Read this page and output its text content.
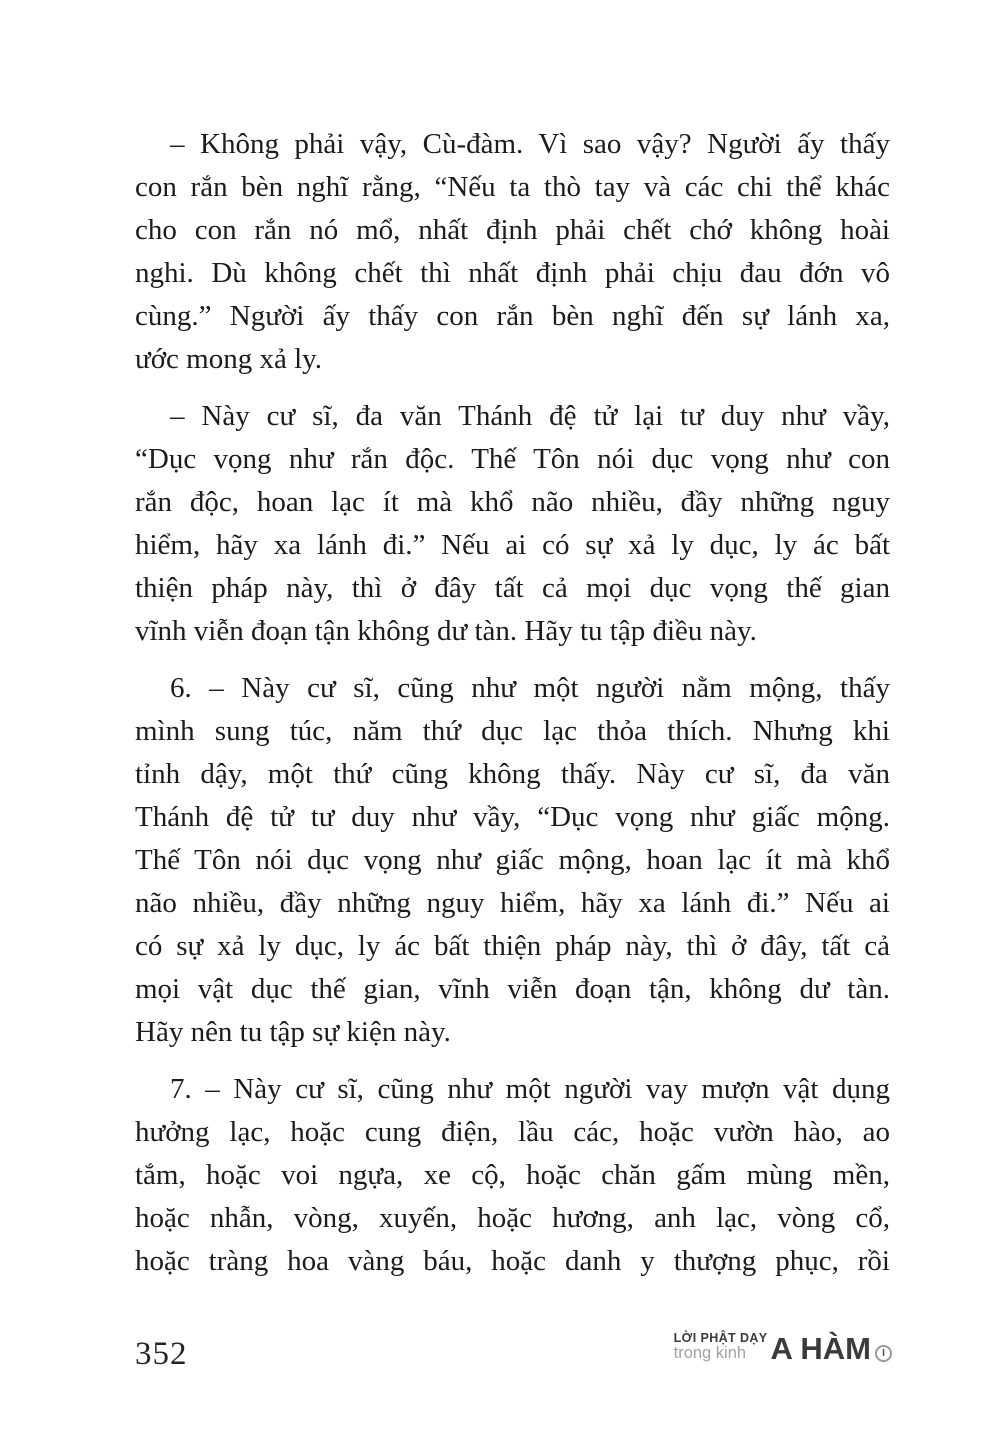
– Không phải vậy, Cù-đàm. Vì sao vậy? Người ấy thấy
con rắn bèn nghĩ rằng, “Nếu ta thò tay và các chi thể khác
cho con rắn nó mổ, nhất định phải chết chớ không hoài
nghi. Dù không chết thì nhất định phải chịu đau đớn vô
cùng.” Người ấy thấy con rắn bèn nghĩ đến sự lánh xa,
ước mong xả ly.
– Này cư sĩ, đa văn Thánh đệ tử lại tư duy như vầy,
“Dục vọng như rắn độc. Thế Tôn nói dục vọng như con
rắn độc, hoan lạc ít mà khổ não nhiều, đầy những nguy
hiểm, hãy xa lánh đi.” Nếu ai có sự xả ly dục, ly ác bất
thiện pháp này, thì ở đây tất cả mọi dục vọng thế gian
vĩnh viễn đoạn tận không dư tàn. Hãy tu tập điều này.
6. – Này cư sĩ, cũng như một người nằm mộng, thấy
mình sung túc, năm thứ dục lạc thỏa thích. Nhưng khi
tỉnh dậy, một thứ cũng không thấy. Này cư sĩ, đa văn
Thánh đệ tử tư duy như vầy, “Dục vọng như giấc mộng.
Thế Tôn nói dục vọng như giấc mộng, hoan lạc ít mà khổ
não nhiều, đầy những nguy hiểm, hãy xa lánh đi.” Nếu ai
có sự xả ly dục, ly ác bất thiện pháp này, thì ở đây, tất cả
mọi vật dục thế gian, vĩnh viễn đoạn tận, không dư tàn.
Hãy nên tu tập sự kiện này.
7. – Này cư sĩ, cũng như một người vay mượn vật dụng
hưởng lạc, hoặc cung điện, lầu các, hoặc vườn hào, ao
tắm, hoặc voi ngựa, xe cộ, hoặc chăn gấm mùng mền,
hoặc nhẫn, vòng, xuyến, hoặc hương, anh lạc, vòng cổ,
hoặc tràng hoa vàng báu, hoặc danh y thượng phục, rồi
352	LỜI PHẬT DẠY
trong kinh A HÀM	I
